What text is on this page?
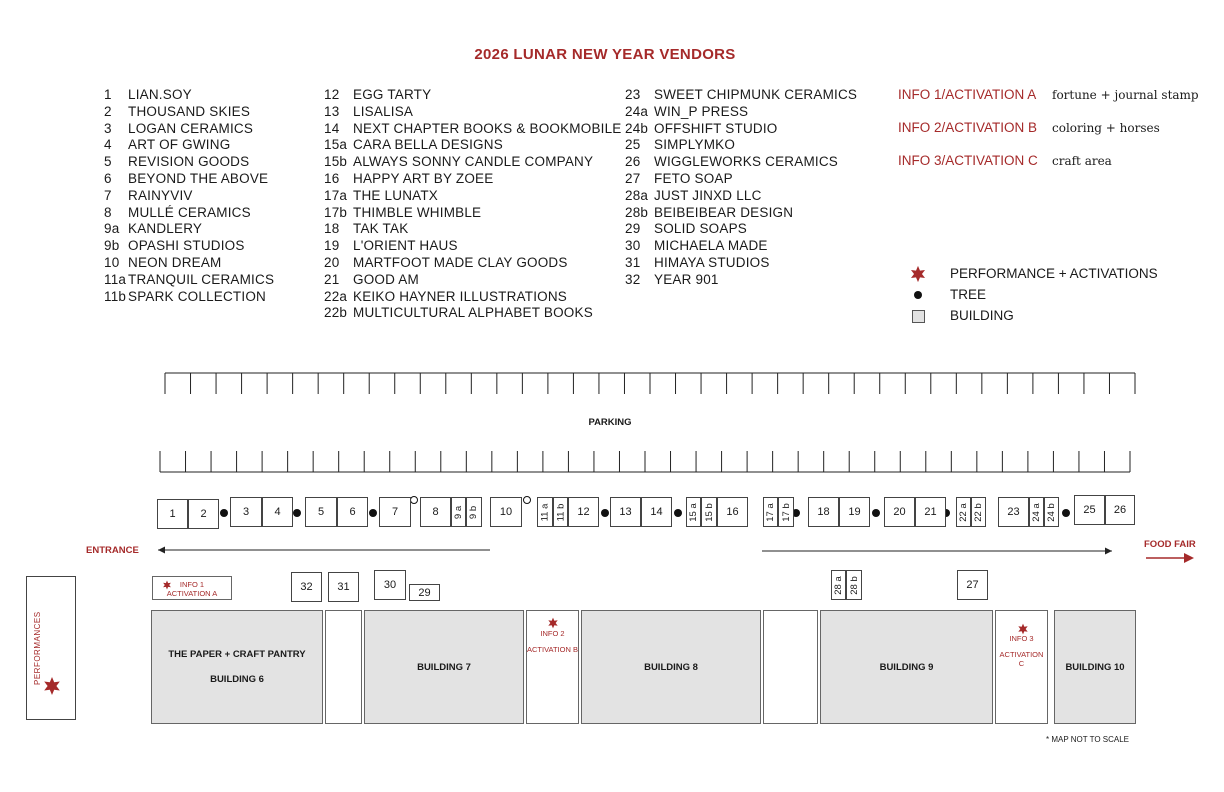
2026 LUNAR NEW YEAR VENDORS
1	LIAN.SOY
2	THOUSAND SKIES
3	LOGAN CERAMICS
4	ART OF GWING
5	REVISION GOODS
6	BEYOND THE ABOVE
7	RAINYVIV
8	MULLÉ CERAMICS
9a KANDLERY
9b OPASHI STUDIOS
10 NEON DREAM
11a TRANQUIL CERAMICS
11b SPARK COLLECTION
12	EGG TARTY
13	LISALISA
14	NEXT CHAPTER BOOKS & BOOKMOBILE
15a CARA BELLA DESIGNS
15b ALWAYS SONNY CANDLE COMPANY
16	HAPPY ART BY ZOEE
17a THE LUNATX
17b THIMBLE WHIMBLE
18	TAK TAK
19	L'ORIENT HAUS
20	MARTFOOT MADE CLAY GOODS
21	GOOD AM
22a KEIKO HAYNER ILLUSTRATIONS
22b MULTICULTURAL ALPHABET BOOKS
23	SWEET CHIPMUNK CERAMICS
24a WIN_P PRESS
24b OFFSHIFT STUDIO
25	SIMPLYMKO
26	WIGGLEWORKS CERAMICS
27	FETO SOAP
28a JUST JINXD LLC
28b BEIBEIBEAR DESIGN
29	SOLID SOAPS
30	MICHAELA MADE
31	HIMAYA STUDIOS
32	YEAR 901
INFO 1/ACTIVATION A fortune + journal stamp
INFO 2/ACTIVATION B coloring + horses
INFO 3/ACTIVATION C craft area
PERFORMANCE + ACTIVATIONS
TREE
BUILDING
PARKING
ENTRANCE
FOOD FAIR
* MAP NOT TO SCALE
1 2	3 4	5 6	7	8 9 a 9 b 10	11 a 11 b 12	13 14	15 a 15 b 16	17 a 17 b 18 19	20 21 22 a 22 b 23 24 a 24 b 25 26
32 31	30
29	28 a 28 b	27
PERFORMANCES
INFO 1
ACTIVATION A
THE PAPER + CRAFT PANTRY
BUILDING 6
BUILDING 7
INFO 2
ACTIVATION B
BUILDING 8	BUILDING 9
INFO 3
ACTIVATION C	BUILDING 10
